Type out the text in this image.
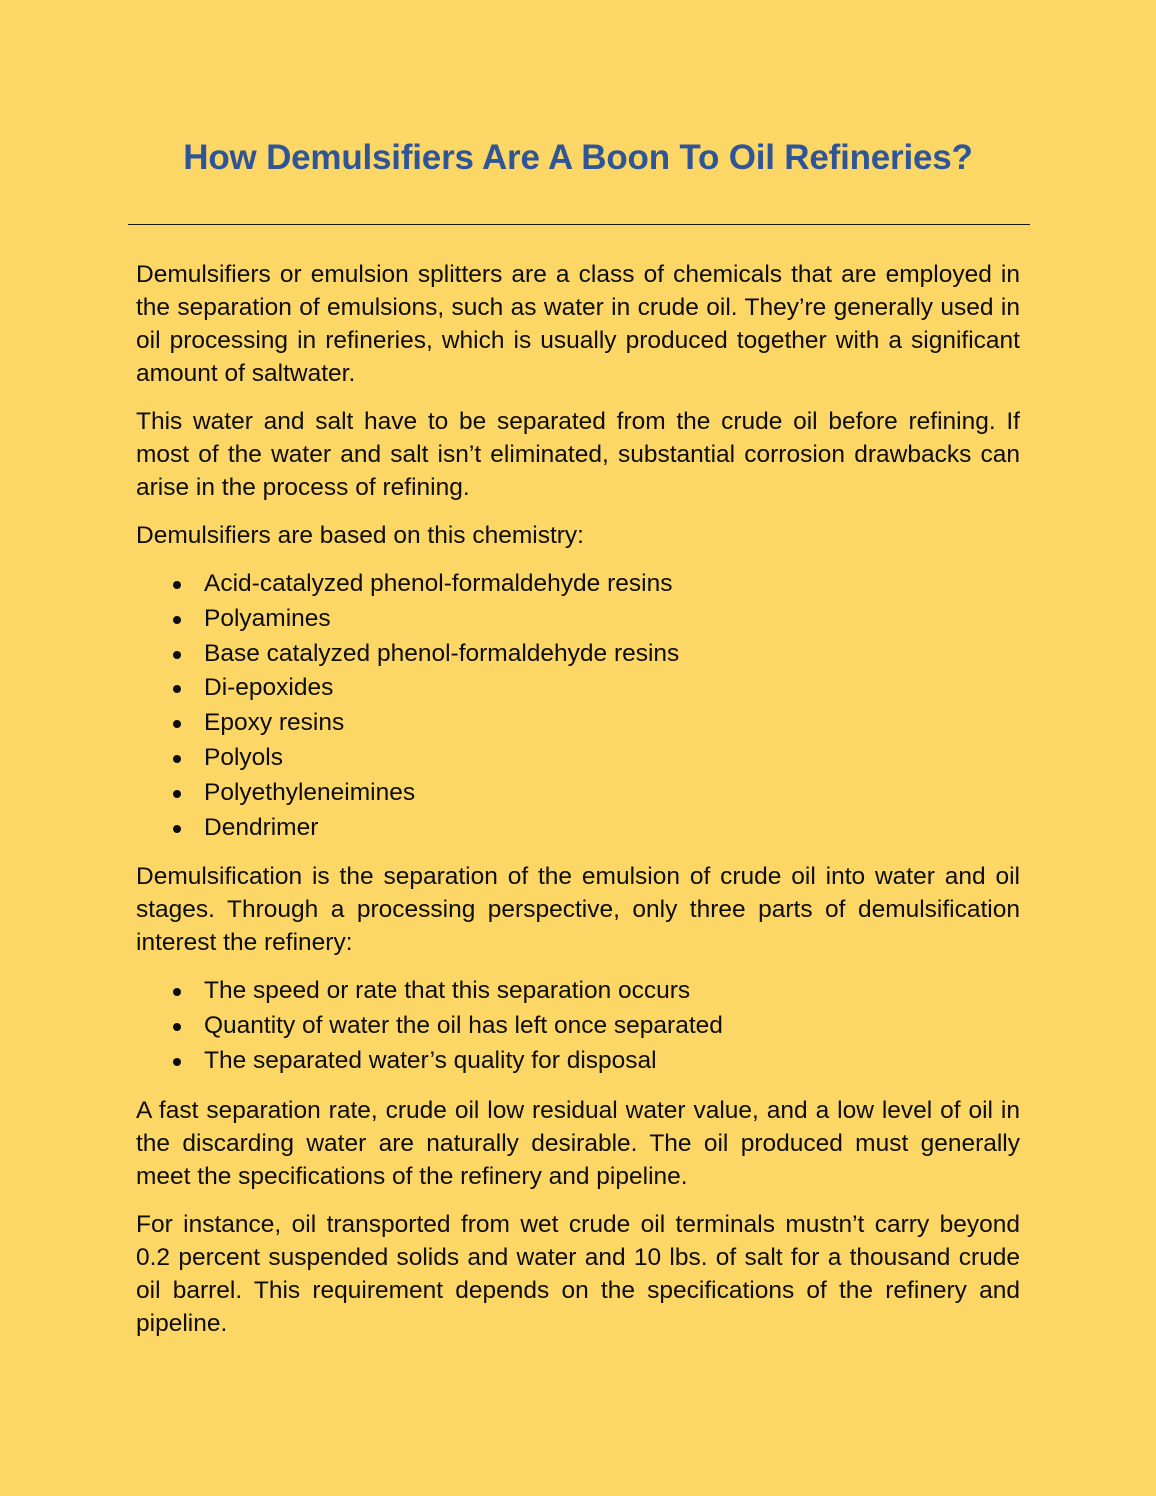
How Demulsifiers Are A Boon To Oil Refineries?

Demulsifiers or emulsion splitters are a class of chemicals that are employed in the separation of emulsions, such as water in crude oil. They’re generally used in oil processing in refineries, which is usually produced together with a significant amount of saltwater.

This water and salt have to be separated from the crude oil before refining. If most of the water and salt isn’t eliminated, substantial corrosion drawbacks can arise in the process of refining.

Demulsifiers are based on this chemistry:

Acid-catalyzed phenol-formaldehyde resins
Polyamines
Base catalyzed phenol-formaldehyde resins
Di-epoxides
Epoxy resins
Polyols
Polyethyleneimines
Dendrimer

Demulsification is the separation of the emulsion of crude oil into water and oil stages. Through a processing perspective, only three parts of demulsification interest the refinery:

The speed or rate that this separation occurs
Quantity of water the oil has left once separated
The separated water’s quality for disposal

A fast separation rate, crude oil low residual water value, and a low level of oil in the discarding water are naturally desirable. The oil produced must generally meet the specifications of the refinery and pipeline.

For instance, oil transported from wet crude oil terminals mustn’t carry beyond 0.2 percent suspended solids and water and 10 lbs. of salt for a thousand crude oil barrel. This requirement depends on the specifications of the refinery and pipeline.
